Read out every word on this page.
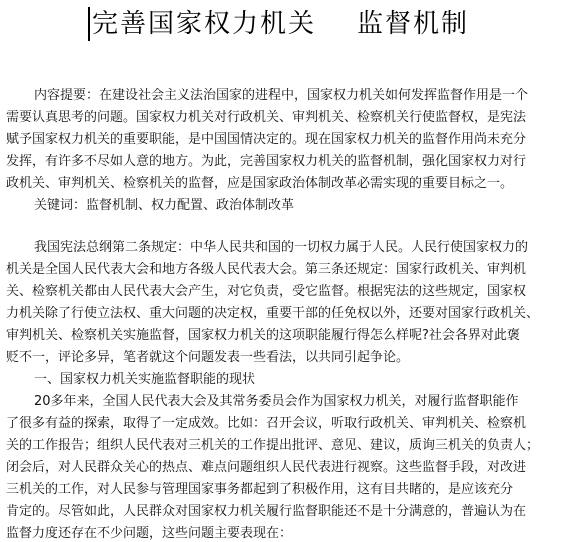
完善国家权力机关    监督机制
内容提要：在建设社会主义法治国家的进程中，国家权力机关如何发挥监督作用是一个
需要认真思考的问题。国家权力机关对行政机关、审判机关、检察机关行使监督权，是宪法
赋予国家权力机关的重要职能，是中国国情决定的。现在国家权力机关的监督作用尚未充分
发挥，有许多不尽如人意的地方。为此，完善国家权力机关的监督机制，强化国家权力对行
政机关、审判机关、检察机关的监督，应是国家政治体制改革必需实现的重要目标之一。
关键词：监督机制、权力配置、政治体制改革
我国宪法总纲第二条规定：中华人民共和国的一切权力属于人民。人民行使国家权力的
机关是全国人民代表大会和地方各级人民代表大会。第三条还规定：国家行政机关、审判机
关、检察机关都由人民代表大会产生，对它负责，受它监督。根据宪法的这些规定，国家权
力机关除了行使立法权、重大问题的决定权，重要干部的任免权以外，还要对国家行政机关、
审判机关、检察机关实施监督，国家权力机关的这项职能履行得怎么样呢?社会各界对此褒
贬不一，评论多异，笔者就这个问题发表一些看法，以共同引起争论。
一、国家权力机关实施监督职能的现状
20多年来，全国人民代表大会及其常务委员会作为国家权力机关，对履行监督职能作
了很多有益的探索，取得了一定成效。比如：召开会议，听取行政机关、审判机关、检察机
关的工作报告；组织人民代表对三机关的工作提出批评、意见、建议，质询三机关的负责人；
闭会后，对人民群众关心的热点、难点问题组织人民代表进行视察。这些监督手段，对改进
三机关的工作，对人民参与管理国家事务都起到了积极作用，这有目共睹的，是应该充分
肯定的。尽管如此，人民群众对国家权力机关履行监督职能还不是十分满意的，普遍认为在
监督力度还存在不少问题，这些问题主要表现在：
